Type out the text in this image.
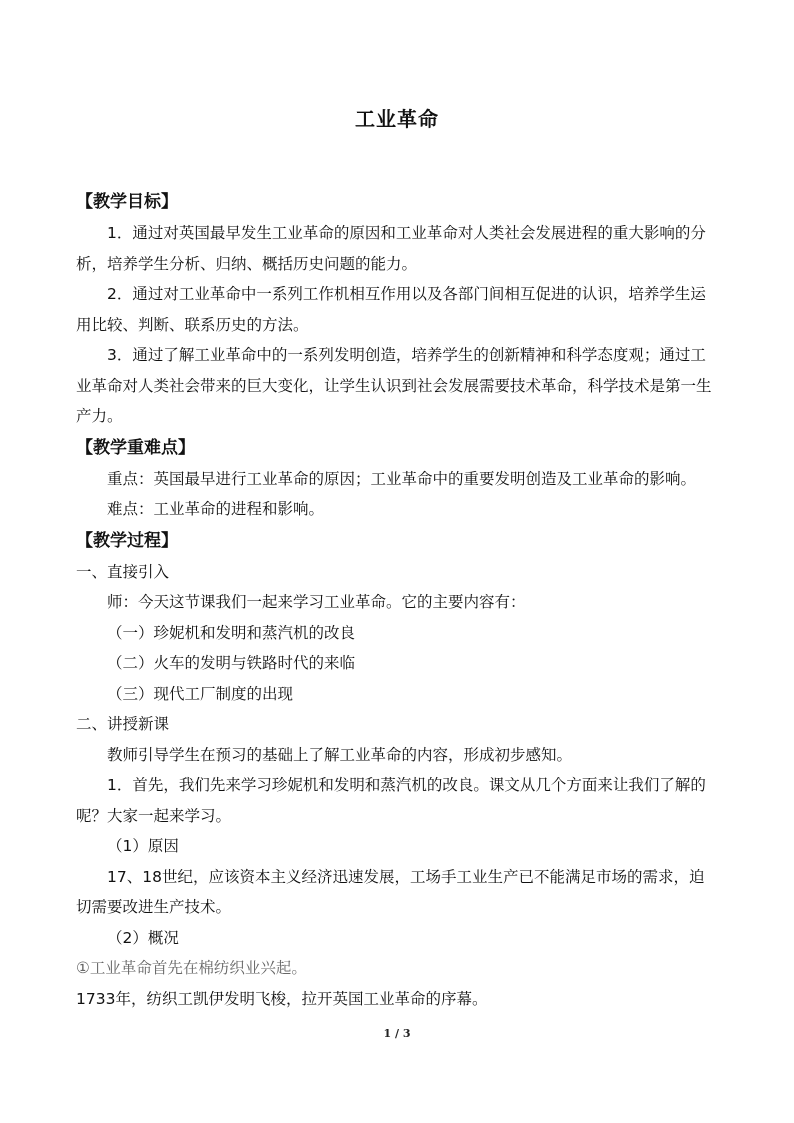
工业革命
【教学目标】

1．通过对英国最早发生工业革命的原因和工业革命对人类社会发展进程的重大影响的分析，培养学生分析、归纳、概括历史问题的能力。

2．通过对工业革命中一系列工作机相互作用以及各部门间相互促进的认识，培养学生运用比较、判断、联系历史的方法。

3．通过了解工业革命中的一系列发明创造，培养学生的创新精神和科学态度观；通过工业革命对人类社会带来的巨大变化，让学生认识到社会发展需要技术革命，科学技术是第一生产力。

【教学重难点】

重点：英国最早进行工业革命的原因；工业革命中的重要发明创造及工业革命的影响。

难点：工业革命的进程和影响。

【教学过程】

一、直接引入

师：今天这节课我们一起来学习工业革命。它的主要内容有：

（一）珍妮机和发明和蒸汽机的改良

（二）火车的发明与铁路时代的来临

（三）现代工厂制度的出现

二、讲授新课

教师引导学生在预习的基础上了解工业革命的内容，形成初步感知。

1．首先，我们先来学习珍妮机和发明和蒸汽机的改良。课文从几个方面来让我们了解的呢？大家一起来学习。

（1）原因

17、18世纪，应该资本主义经济迅速发展，工场手工业生产已不能满足市场的需求，迫切需要改进生产技术。

（2）概况

①工业革命首先在棉纺织业兴起。

1733年，纺织工凯伊发明飞梭，拉开英国工业革命的序幕。

1 / 3
